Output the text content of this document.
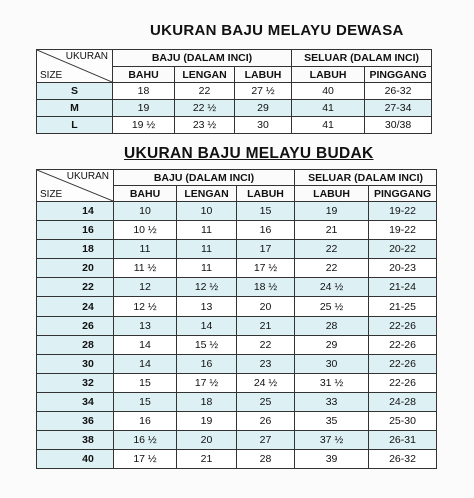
UKURAN BAJU MELAYU DEWASA
UKURAN
SIZE	BAJU (DALAM INCI)			SELUAR (DALAM INCI)	
	BAHU	LENGAN	LABUH	LABUH	PINGGANG
S	18	22	27 ½	40	26-32
M	19	22 ½	29	41	27-34
L	19 ½	23 ½	30	41	30/38
UKURAN BAJU MELAYU BUDAK
UKURAN
SIZE	BAJU (DALAM INCI)			SELUAR (DALAM INCI)	
	BAHU	LENGAN	LABUH	LABUH	PINGGANG
14	10	10	15	19	19-22
16	10 ½	11	16	21	19-22
18	11	11	17	22	20-22
20	11 ½	11	17 ½	22	20-23
22	12	12 ½	18 ½	24 ½	21-24
24	12 ½	13	20	25 ½	21-25
26	13	14	21	28	22-26
28	14	15 ½	22	29	22-26
30	14	16	23	30	22-26
32	15	17 ½	24 ½	31 ½	22-26
34	15	18	25	33	24-28
36	16	19	26	35	25-30
38	16 ½	20	27	37 ½	26-31
40	17 ½	21	28	39	26-32
